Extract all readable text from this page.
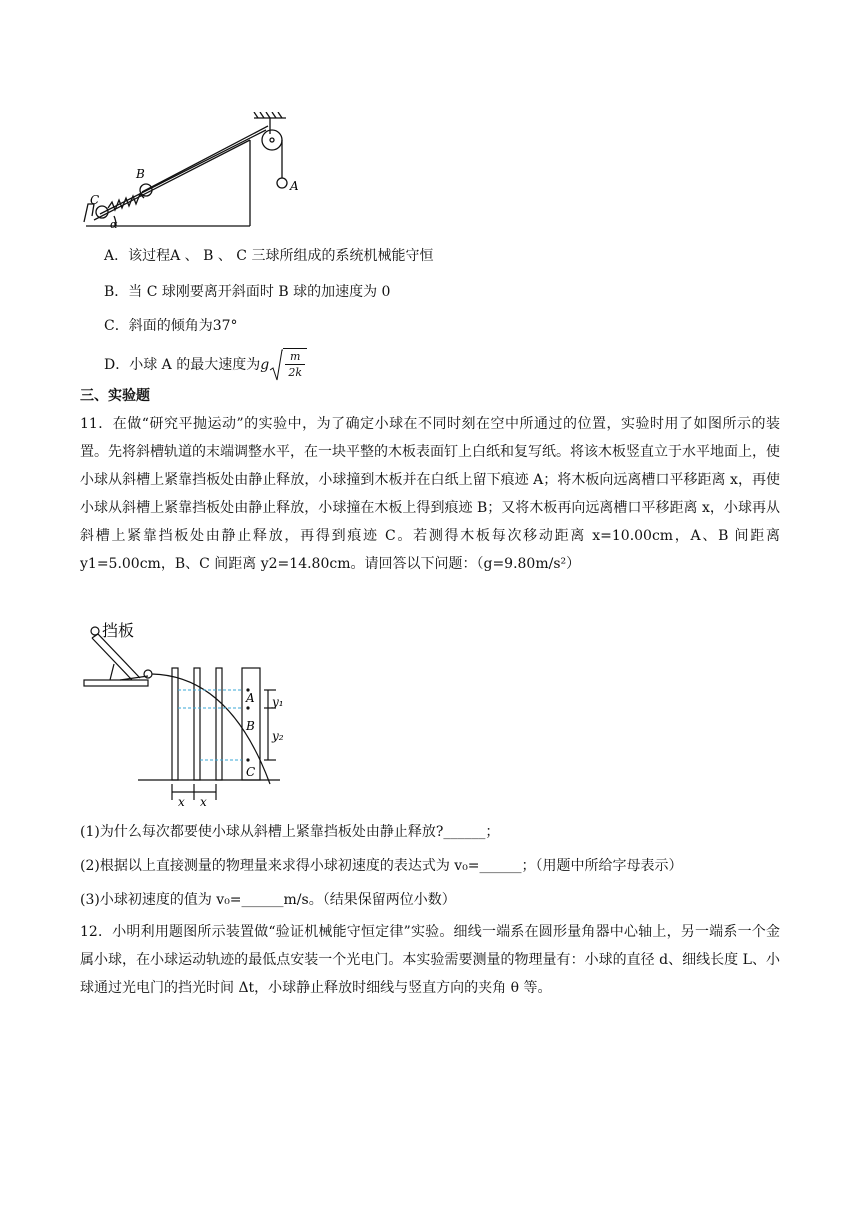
B
C
A
α
A．该过程A 、 B 、 C 三球所组成的系统机械能守恒
B．当 C 球刚要离开斜面时 B 球的加速度为 0
C．斜面的倾角为37°
D．小球 A 的最大速度为g $\frac{m}{2k}$
三、实验题
11．在做“研究平抛运动”的实验中，为了确定小球在不同时刻在空中所通过的位置，实验时用了如图所示的装置。先将斜槽轨道的末端调整水平，在一块平整的木板表面钉上白纸和复写纸。将该木板竖直立于水平地面上，使小球从斜槽上紧靠挡板处由静止释放，小球撞到木板并在白纸上留下痕迹 A；将木板向远离槽口平移距离 x，再使小球从斜槽上紧靠挡板处由静止释放，小球撞在木板上得到痕迹 B；又将木板再向远离槽口平移距离 x，小球再从斜槽上紧靠挡板处由静止释放，再得到痕迹 C。若测得木板每次移动距离 x=10.00cm，A、B 间距离 y1=5.00cm，B、C 间距离 y2=14.80cm。请回答以下问题：（g=9.80m/s²）
挡板
A
B
C
y₁
y₂
x x
(1)为什么每次都要使小球从斜槽上紧靠挡板处由静止释放?______；
(2)根据以上直接测量的物理量来求得小球初速度的表达式为 v₀=______；（用题中所给字母表示）
(3)小球初速度的值为 v₀=______m/s。（结果保留两位小数）
12．小明利用题图所示装置做“验证机械能守恒定律”实验。细线一端系在圆形量角器中心轴上，另一端系一个金属小球，在小球运动轨迹的最低点安装一个光电门。本实验需要测量的物理量有：小球的直径 d、细线长度 L、小球通过光电门的挡光时间 Δt，小球静止释放时细线与竖直方向的夹角 θ 等。
